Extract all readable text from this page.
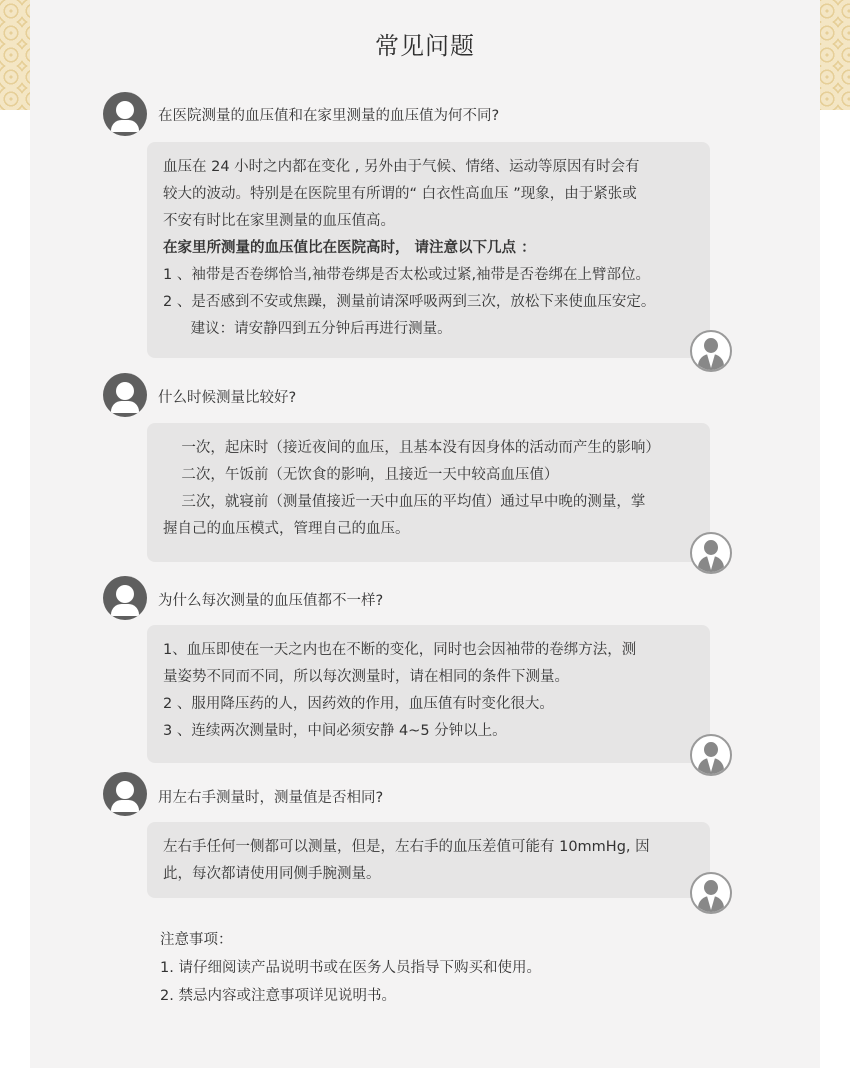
常见问题
在医院测量的血压值和在家里测量的血压值为何不同?
血压在 24 小时之内都在变化 , 另外由于气候、情绪、运动等原因有时会有
较大的波动。特别是在医院里有所谓的“ 白衣性高血压 ”现象，由于紧张或
不安有时比在家里测量的血压值高。
在家里所测量的血压值比在医院高时， 请注意以下几点 ：
1 、袖带是否卷绑恰当,袖带卷绑是否太松或过紧,袖带是否卷绑在上臂部位。
2 、是否感到不安或焦躁，测量前请深呼吸两到三次，放松下来使血压安定。
建议：请安静四到五分钟后再进行测量。
什么时候测量比较好?
一次，起床时（接近夜间的血压，且基本没有因身体的活动而产生的影响）
二次，午饭前（无饮食的影响，且接近一天中较高血压值）
三次，就寝前（测量值接近一天中血压的平均值）通过早中晚的测量，掌
握自己的血压模式，管理自己的血压。
为什么每次测量的血压值都不一样?
1、血压即使在一天之内也在不断的变化，同时也会因袖带的卷绑方法，测
量姿势不同而不同，所以每次测量时，请在相同的条件下测量。
2 、服用降压药的人，因药效的作用，血压值有时变化很大。
3 、连续两次测量时，中间必须安静 4~5 分钟以上。
用左右手测量时，测量值是否相同?
左右手任何一侧都可以测量，但是，左右手的血压差值可能有 10mmHg, 因
此，每次都请使用同侧手腕测量。
注意事项：
1. 请仔细阅读产品说明书或在医务人员指导下购买和使用。
2. 禁忌内容或注意事项详见说明书。
